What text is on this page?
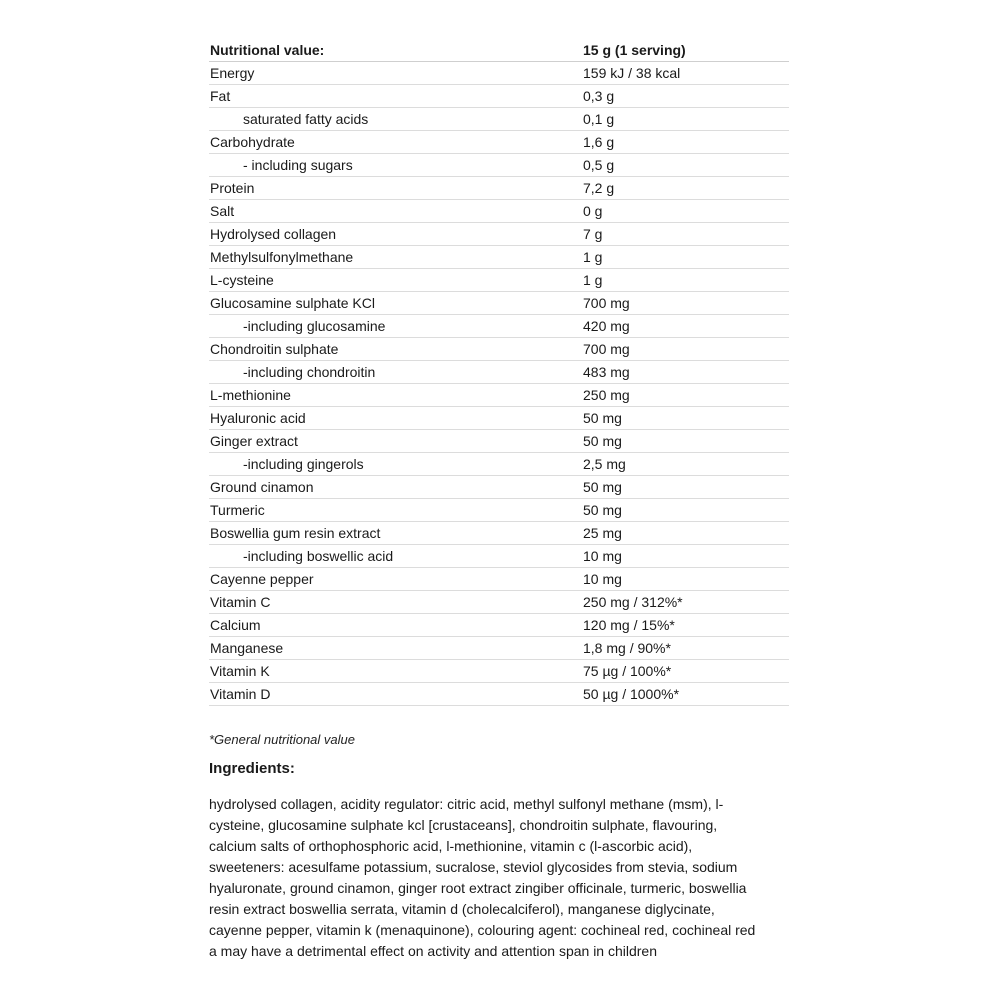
Nutritional value:	15 g (1 serving)
Energy	159 kJ / 38 kcal
Fat	0,3 g
saturated fatty acids	0,1 g
Carbohydrate	1,6 g
- including sugars	0,5 g
Protein	7,2 g
Salt	0 g
Hydrolysed collagen	7 g
Methylsulfonylmethane	1 g
L-cysteine	1 g
Glucosamine sulphate KCl	700 mg
-including glucosamine	420 mg
Chondroitin sulphate	700 mg
-including chondroitin	483 mg
L-methionine	250 mg
Hyaluronic acid	50 mg
Ginger extract	50 mg
-including gingerols	2,5 mg
Ground cinamon	50 mg
Turmeric	50 mg
Boswellia gum resin extract	25 mg
-including boswellic acid	10 mg
Cayenne pepper	10 mg
Vitamin C	250 mg / 312%*
Calcium	120 mg / 15%*
Manganese	1,8 mg / 90%*
Vitamin K	75 µg / 100%*
Vitamin D	50 µg / 1000%*
*General nutritional value
Ingredients:
hydrolysed collagen, acidity regulator: citric acid, methyl sulfonyl methane (msm), l-
cysteine, glucosamine sulphate kcl [crustaceans], chondroitin sulphate, flavouring,
calcium salts of orthophosphoric acid, l-methionine, vitamin c (l-ascorbic acid),
sweeteners: acesulfame potassium, sucralose, steviol glycosides from stevia, sodium
hyaluronate, ground cinamon, ginger root extract zingiber officinale, turmeric, boswellia
resin extract boswellia serrata, vitamin d (cholecalciferol), manganese diglycinate,
cayenne pepper, vitamin k (menaquinone), colouring agent: cochineal red, cochineal red
a may have a detrimental effect on activity and attention span in children
